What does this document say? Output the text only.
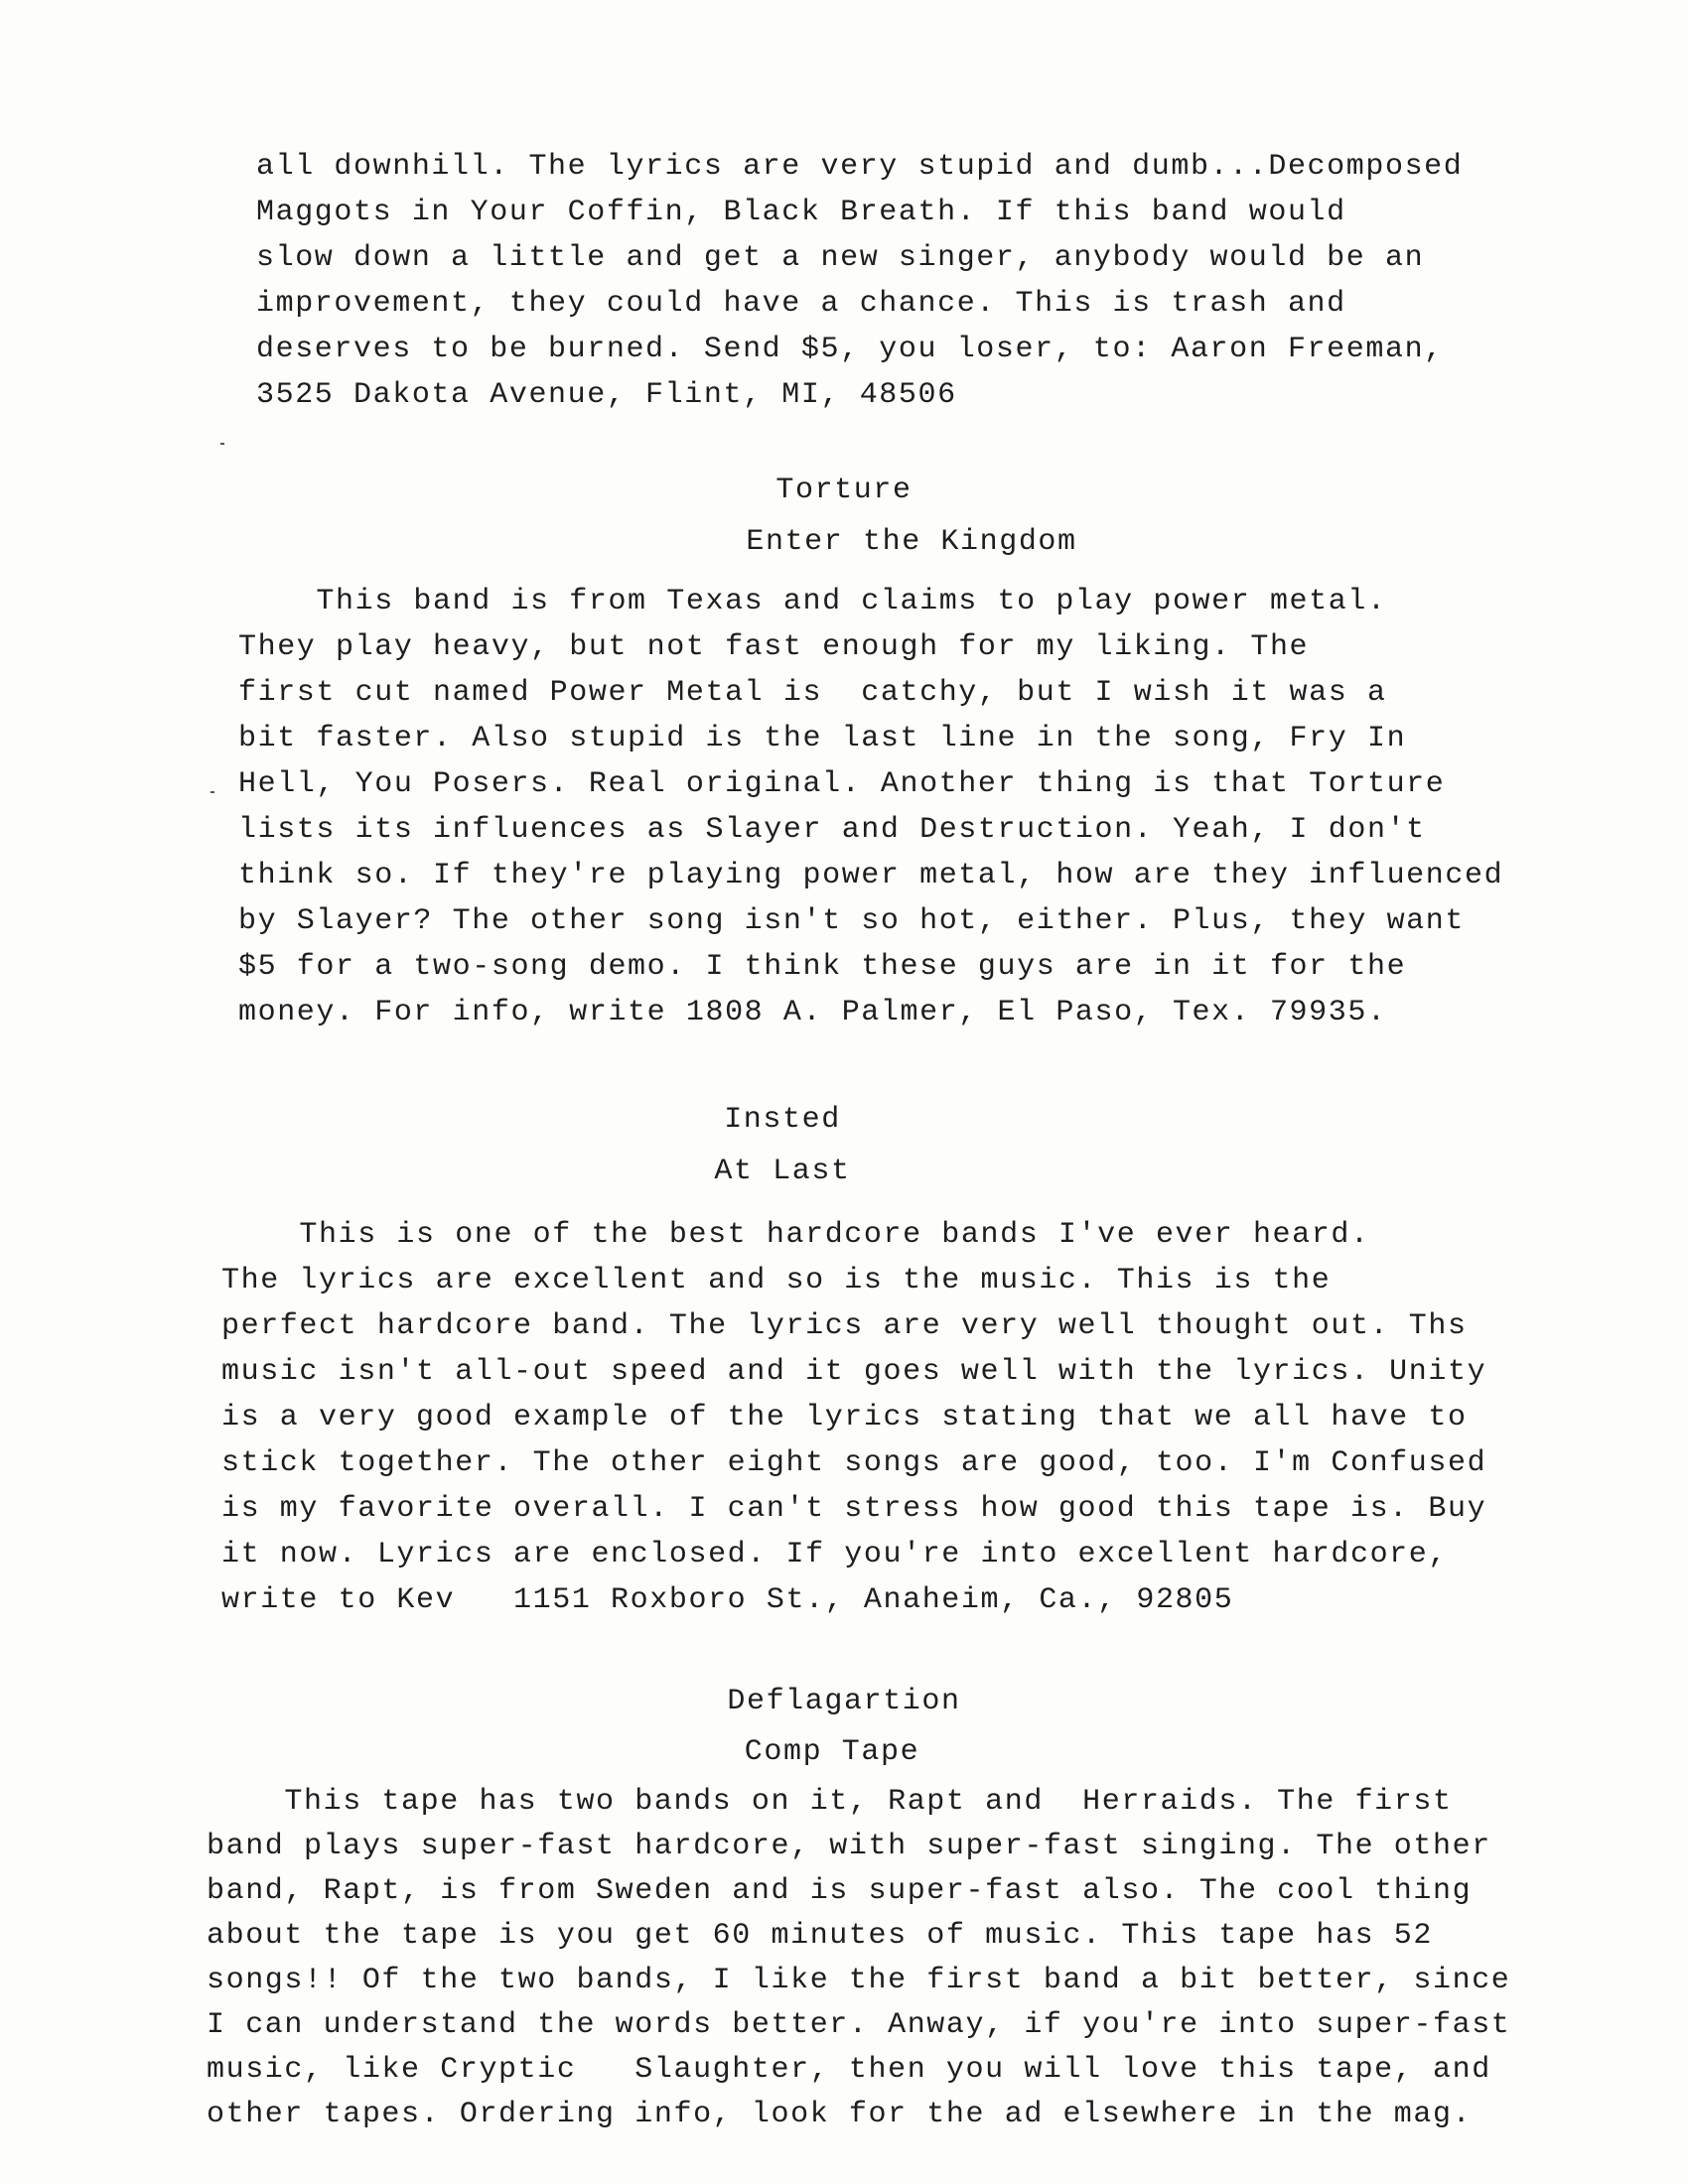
all downhill. The lyrics are very stupid and dumb...Decomposed
Maggots in Your Coffin, Black Breath. If this band would
slow down a little and get a new singer, anybody would be an
improvement, they could have a chance. This is trash and
deserves to be burned. Send $5, you loser, to: Aaron Freeman,
3525 Dakota Avenue, Flint, MI, 48506
Torture
Enter the Kingdom
This band is from Texas and claims to play power metal.
They play heavy, but not fast enough for my liking. The
first cut named Power Metal is  catchy, but I wish it was a
bit faster. Also stupid is the last line in the song, Fry In
Hell, You Posers. Real original. Another thing is that Torture
lists its influences as Slayer and Destruction. Yeah, I don't
think so. If they're playing power metal, how are they influenced
by Slayer? The other song isn't so hot, either. Plus, they want
$5 for a two-song demo. I think these guys are in it for the
money. For info, write 1808 A. Palmer, El Paso, Tex. 79935.
Insted
At Last
This is one of the best hardcore bands I've ever heard.
The lyrics are excellent and so is the music. This is the
perfect hardcore band. The lyrics are very well thought out. Ths
music isn't all-out speed and it goes well with the lyrics. Unity
is a very good example of the lyrics stating that we all have to
stick together. The other eight songs are good, too. I'm Confused
is my favorite overall. I can't stress how good this tape is. Buy
it now. Lyrics are enclosed. If you're into excellent hardcore,
write to Kev   1151 Roxboro St., Anaheim, Ca., 92805
Deflagartion
Comp Tape
This tape has two bands on it, Rapt and  Herraids. The first
band plays super-fast hardcore, with super-fast singing. The other
band, Rapt, is from Sweden and is super-fast also. The cool thing
about the tape is you get 60 minutes of music. This tape has 52
songs!! Of the two bands, I like the first band a bit better, since
I can understand the words better. Anway, if you're into super-fast
music, like Cryptic   Slaughter, then you will love this tape, and
other tapes. Ordering info, look for the ad elsewhere in the mag.
